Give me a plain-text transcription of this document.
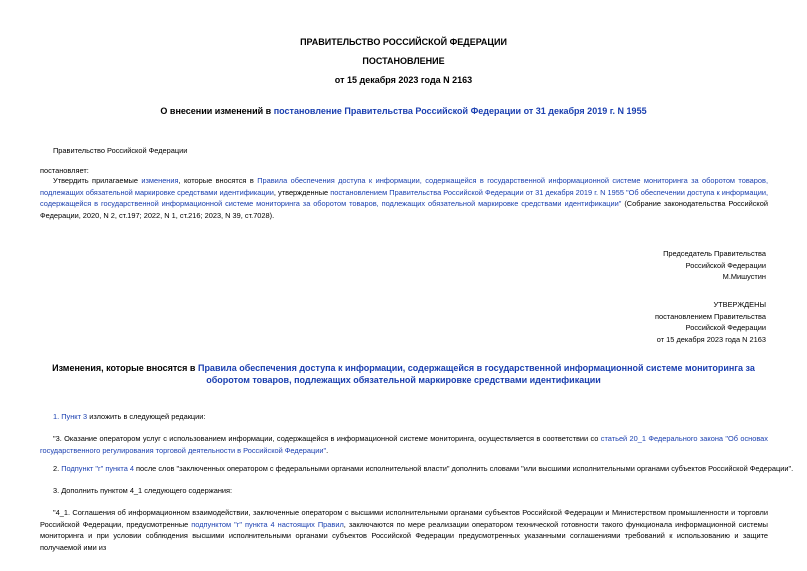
ПРАВИТЕЛЬСТВО РОССИЙСКОЙ ФЕДЕРАЦИИ
ПОСТАНОВЛЕНИЕ
от 15 декабря 2023 года N 2163
О внесении изменений в постановление Правительства Российской Федерации от 31 декабря 2019 г. N 1955
Правительство Российской Федерации
постановляет:
Утвердить прилагаемые изменения, которые вносятся в Правила обеспечения доступа к информации, содержащейся в государственной информационной системе мониторинга за оборотом товаров, подлежащих обязательной маркировке средствами идентификации, утвержденные постановлением Правительства Российской Федерации от 31 декабря 2019 г. N 1955 "Об обеспечении доступа к информации, содержащейся в государственной информационной системе мониторинга за оборотом товаров, подлежащих обязательной маркировке средствами идентификации" (Собрание законодательства Российской Федерации, 2020, N 2, ст.197; 2022, N 1, ст.216; 2023, N 39, ст.7028).
Председатель Правительства
Российской Федерации
М.Мишустин
УТВЕРЖДЕНЫ
постановлением Правительства
Российской Федерации
от 15 декабря 2023 года N 2163
Изменения, которые вносятся в Правила обеспечения доступа к информации, содержащейся в государственной информационной системе мониторинга за оборотом товаров, подлежащих обязательной маркировке средствами идентификации
1. Пункт 3 изложить в следующей редакции:
"3. Оказание оператором услуг с использованием информации, содержащейся в информационной системе мониторинга, осуществляется в соответствии со статьей 20_1 Федерального закона "Об основах государственного регулирования торговой деятельности в Российской Федерации".
2. Подпункт "г" пункта 4 после слов "заключенных оператором с федеральными органами исполнительной власти" дополнить словами "или высшими исполнительными органами субъектов Российской Федерации".
3. Дополнить пунктом 4_1 следующего содержания:
"4_1. Соглашения об информационном взаимодействии, заключенные оператором с высшими исполнительными органами субъектов Российской Федерации и Министерством промышленности и торговли Российской Федерации, предусмотренные подпунктом "г" пункта 4 настоящих Правил, заключаются по мере реализации оператором технической готовности такого функционала информационной системы мониторинга и при условии соблюдения высшими исполнительными органами субъектов Российской Федерации предусмотренных указанными соглашениями требований к использованию и защите получаемой ими из
